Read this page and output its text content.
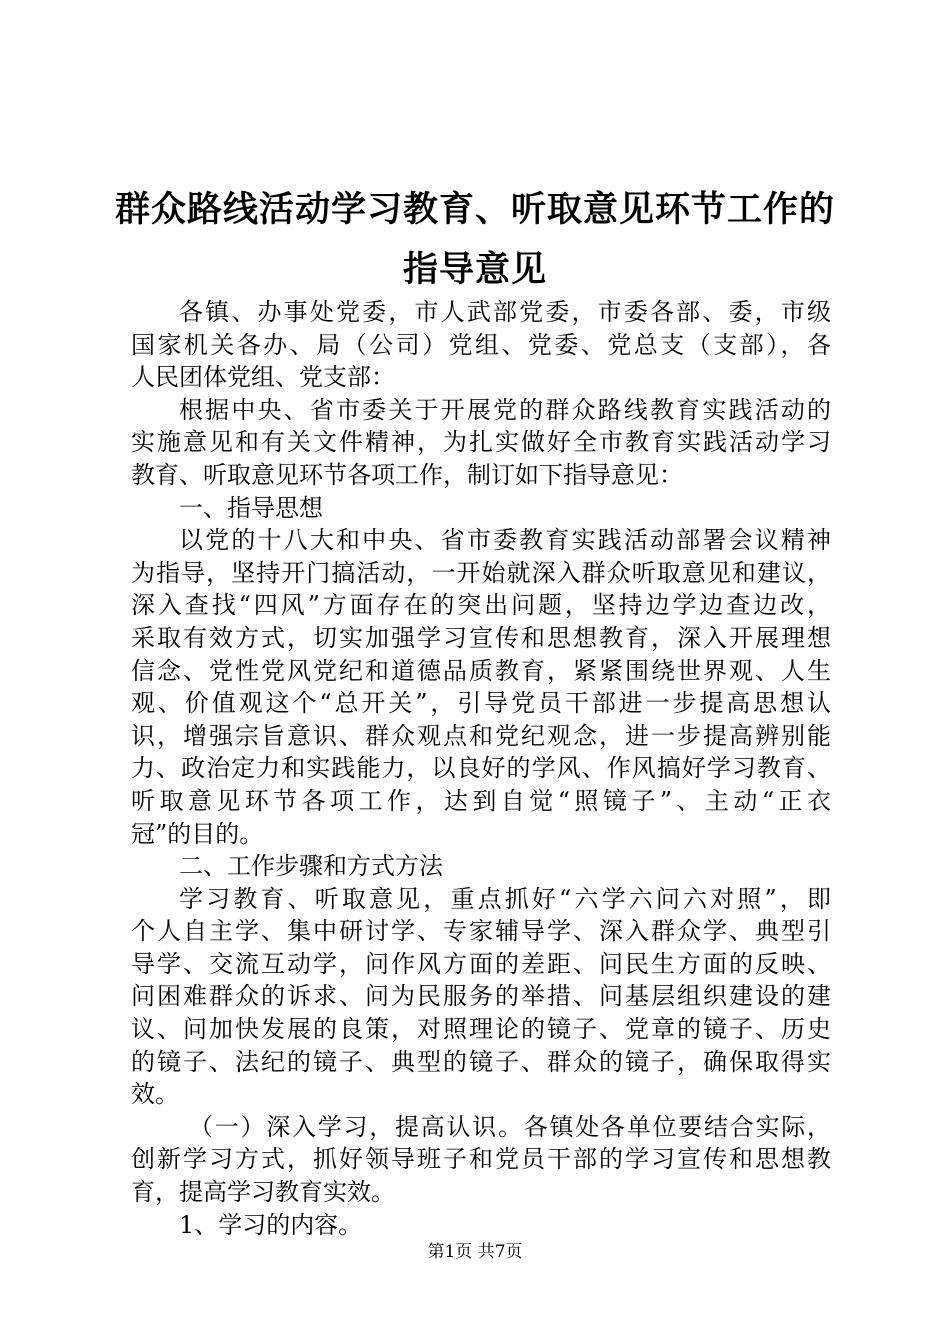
群众路线活动学习教育、听取意见环节工作的
指导意见
各镇、办事处党委，市人武部党委，市委各部、委，市级
国家机关各办、局（公司）党组、党委、党总支（支部），各
人民团体党组、党支部：
根据中央、省市委关于开展党的群众路线教育实践活动的
实施意见和有关文件精神，为扎实做好全市教育实践活动学习
教育、听取意见环节各项工作，制订如下指导意见：
一、指导思想
以党的十八大和中央、省市委教育实践活动部署会议精神
为指导，坚持开门搞活动，一开始就深入群众听取意见和建议，
深入查找“四风”方面存在的突出问题，坚持边学边查边改，
采取有效方式，切实加强学习宣传和思想教育，深入开展理想
信念、党性党风党纪和道德品质教育，紧紧围绕世界观、人生
观、价值观这个“总开关”，引导党员干部进一步提高思想认
识，增强宗旨意识、群众观点和党纪观念，进一步提高辨别能
力、政治定力和实践能力，以良好的学风、作风搞好学习教育、
听取意见环节各项工作，达到自觉“照镜子”、主动“正衣
冠”的目的。
二、工作步骤和方式方法
学习教育、听取意见，重点抓好“六学六问六对照”，即
个人自主学、集中研讨学、专家辅导学、深入群众学、典型引
导学、交流互动学，问作风方面的差距、问民生方面的反映、
问困难群众的诉求、问为民服务的举措、问基层组织建设的建
议、问加快发展的良策，对照理论的镜子、党章的镜子、历史
的镜子、法纪的镜子、典型的镜子、群众的镜子，确保取得实
效。
（一）深入学习，提高认识。各镇处各单位要结合实际，
创新学习方式，抓好领导班子和党员干部的学习宣传和思想教
育，提高学习教育实效。
1、学习的内容。
第1页 共7页
